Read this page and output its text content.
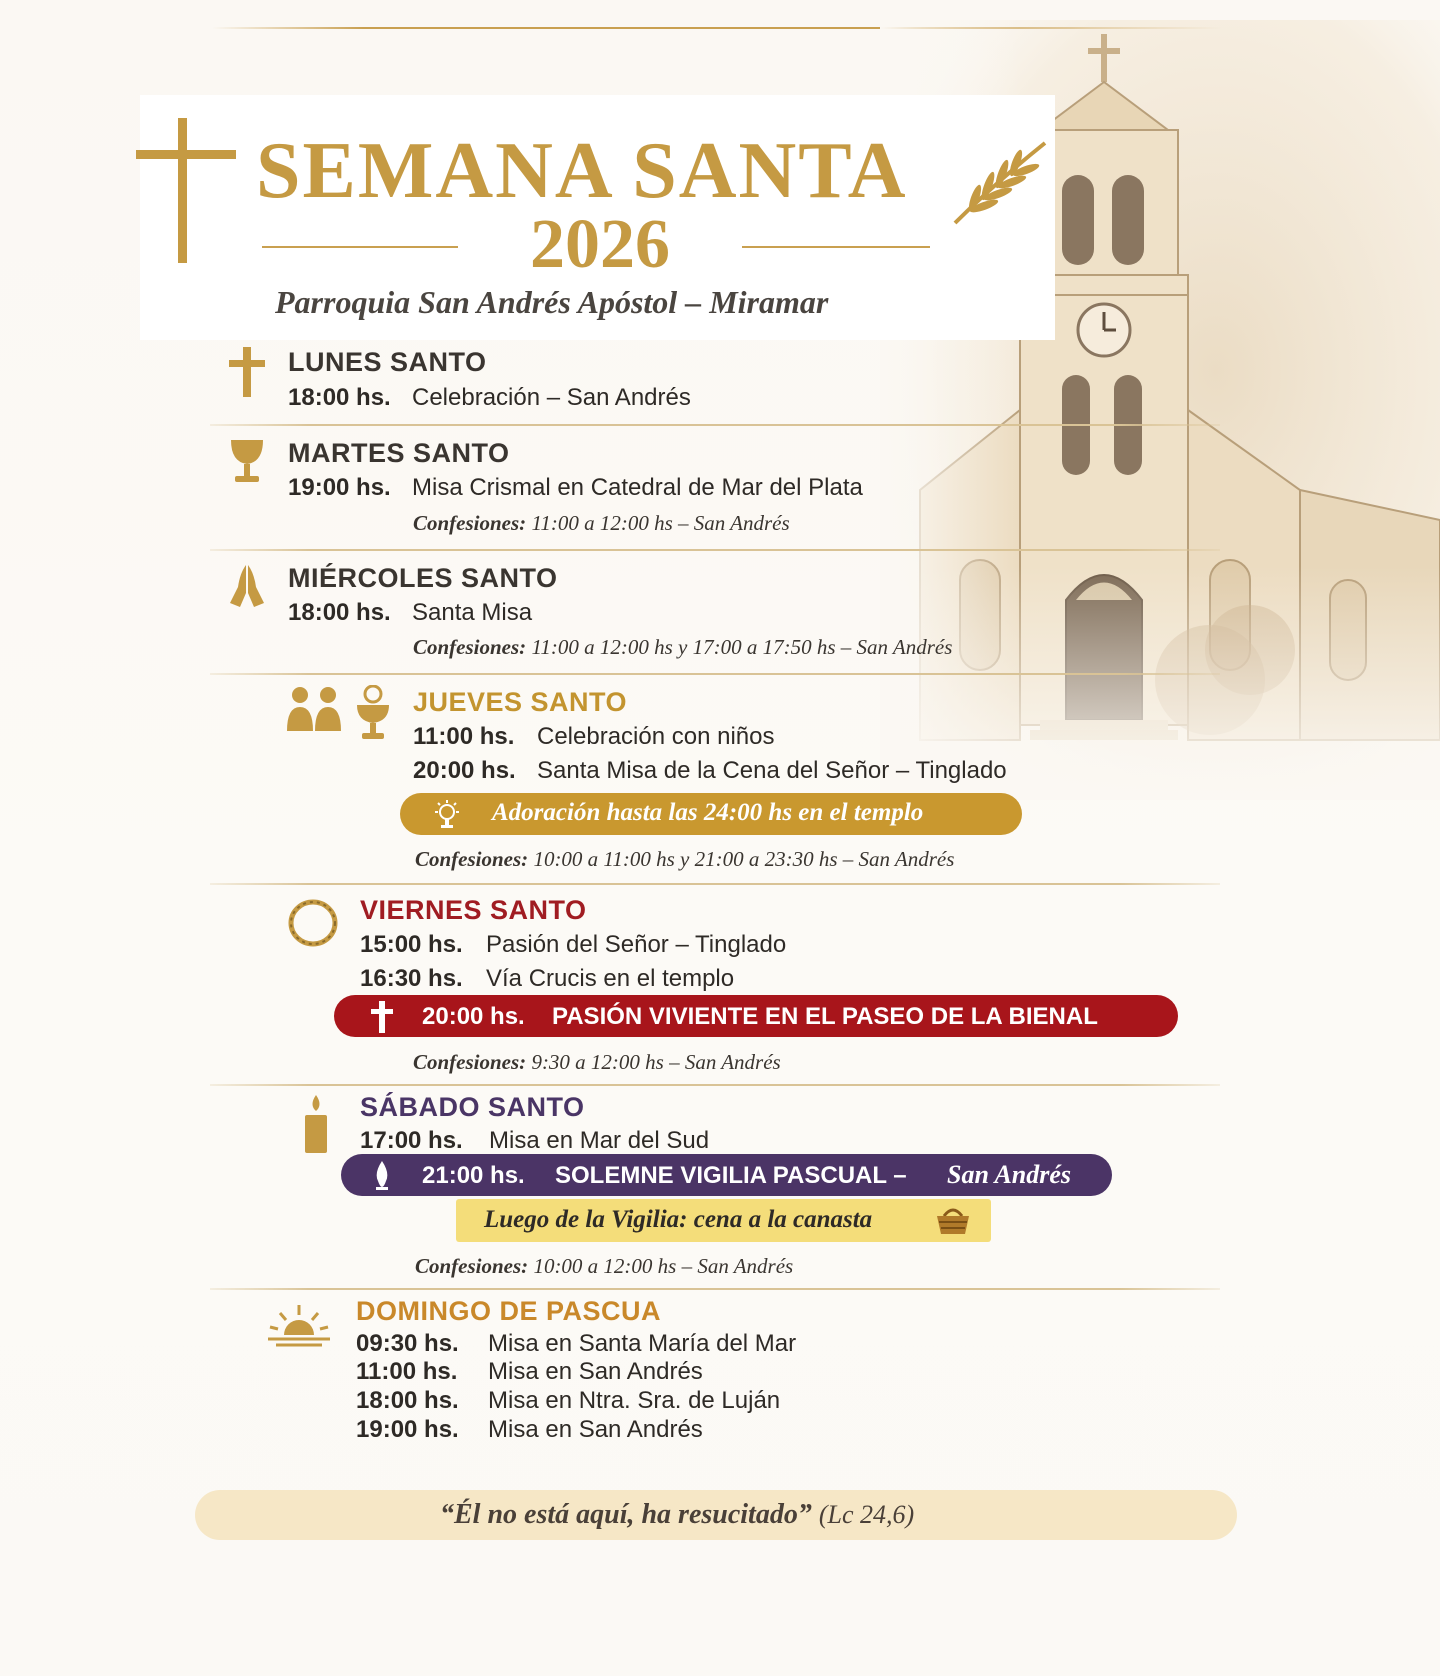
SEMANA SANTA
2026
Parroquia San Andrés Apóstol – Miramar
LUNES SANTO
18:00 hs. Celebración – San Andrés
MARTES SANTO
19:00 hs. Misa Crismal en Catedral de Mar del Plata
Confesiones: 11:00 a 12:00 hs – San Andrés
MIÉRCOLES SANTO
18:00 hs. Santa Misa
Confesiones: 11:00 a 12:00 hs y 17:00 a 17:50 hs – San Andrés
JUEVES SANTO
11:00 hs. Celebración con niños
20:00 hs. Santa Misa de la Cena del Señor – Tinglado
Adoración hasta las 24:00 hs en el templo
Confesiones: 10:00 a 11:00 hs y 21:00 a 23:30 hs – San Andrés
VIERNES SANTO
15:00 hs. Pasión del Señor – Tinglado
16:30 hs. Vía Crucis en el templo
20:00 hs. PASIÓN VIVIENTE EN EL PASEO DE LA BIENAL
Confesiones: 9:30 a 12:00 hs – San Andrés
SÁBADO SANTO
17:00 hs. Misa en Mar del Sud
21:00 hs. SOLEMNE VIGILIA PASCUAL – San Andrés
Luego de la Vigilia: cena a la canasta
Confesiones: 10:00 a 12:00 hs – San Andrés
DOMINGO DE PASCUA
09:30 hs. Misa en Santa María del Mar
11:00 hs. Misa en San Andrés
18:00 hs. Misa en Ntra. Sra. de Luján
19:00 hs. Misa en San Andrés
“Él no está aquí, ha resucitado” (Lc 24,6)
